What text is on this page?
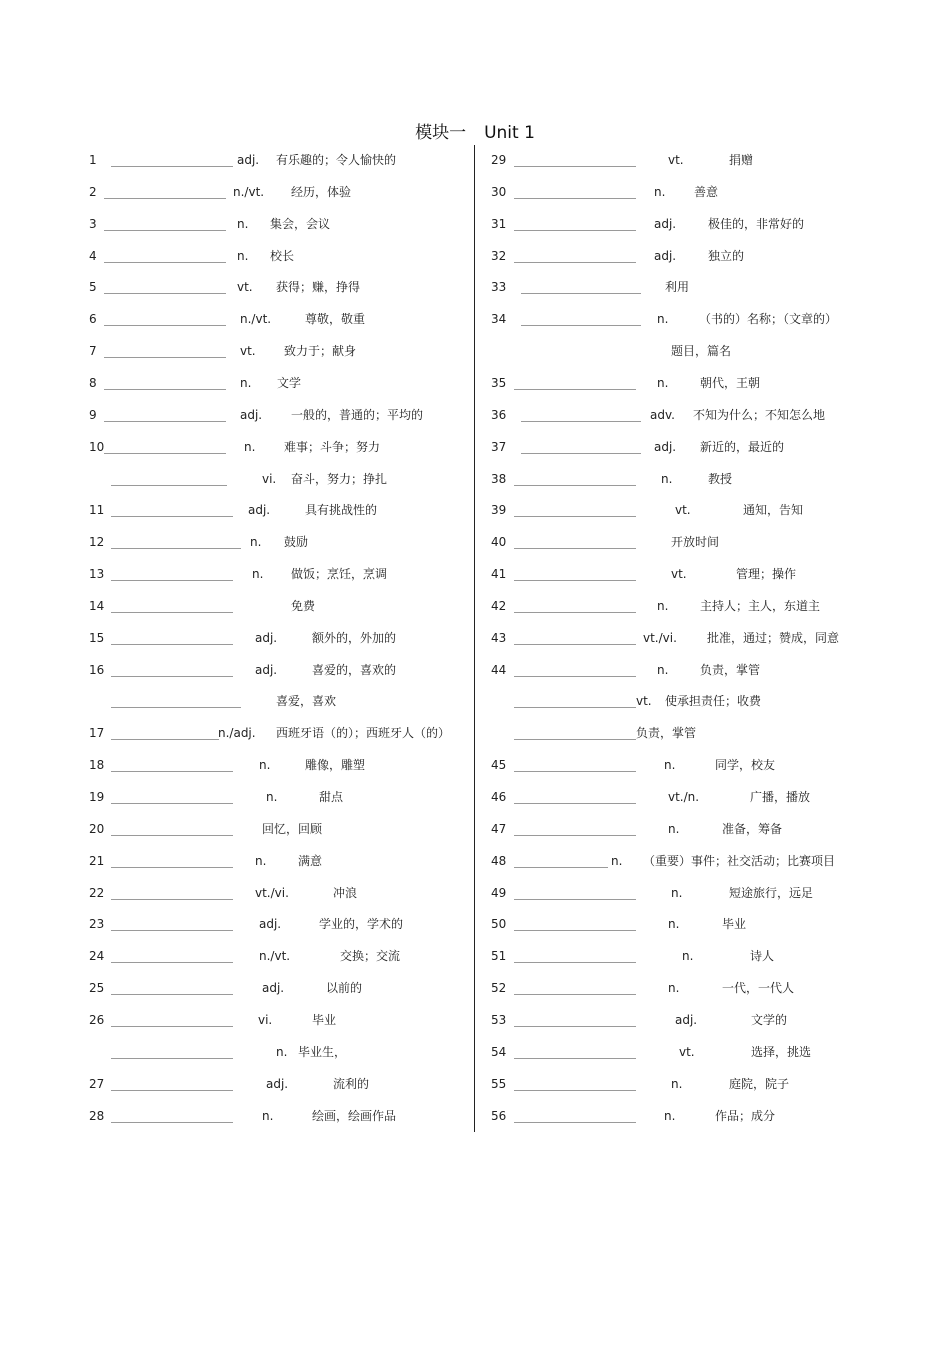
模块一 Unit 1
1	adj. 有乐趣的；令人愉快的
2	n./vt. 经历，体验
3	n. 集会，会议
4	n. 校长
5	vt. 获得；赚，挣得
6	n./vt.	尊敬，敬重
7	vt. 致力于；献身
8	n. 文学
9	adj. 一般的，普通的；平均的
10	n. 难事；斗争；努力
vi. 奋斗，努力；挣扎
11	adj.	具有挑战性的
12	n. 鼓励
13	n. 做饭；烹饪，烹调
14	免费
15	adj.	额外的，外加的
16	adj.	喜爱的，喜欢的
喜爱，喜欢
17	n./adj. 西班牙语（的）；西班牙人（的）
18	n.	雕像，雕塑
19	n.	甜点
20	回忆，回顾
21	n.	满意
22	vt./vi.	冲浪
23	adj.	学业的，学术的
24	n./vt.	交换；交流
25	adj.	以前的
26	vi.	毕业
n. 毕业生，
27	adj.	流利的
28	n.	绘画，绘画作品
29	vt.	捐赠
30	n. 善意
31	adj.	极佳的，非常好的
32	adj.	独立的
33	利用
34	n.	（书的）名称；（文章的）
题目，篇名
35	n.	朝代，王朝
36	adv. 不知为什么；不知怎么地
37	adj. 新近的，最近的
38	n.	教授
39	vt.	通知，告知
40	开放时间
41	vt.	管理；操作
42	n.	主持人；主人，东道主
43	vt./vi.	批准，通过；赞成，同意
44	n.	负责，掌管
vt. 使承担责任；收费
负责，掌管
45	n.	同学，校友
46	vt./n.	广播，播放
47	n.	准备，筹备
48	n. （重要）事件；社交活动；比赛项目
49	n.	短途旅行，远足
50	n.	毕业
51	n.	诗人
52	n.	一代，一代人
53	adj.	文学的
54	vt.	选择，挑选
55	n.	庭院，院子
56	n.	作品；成分
